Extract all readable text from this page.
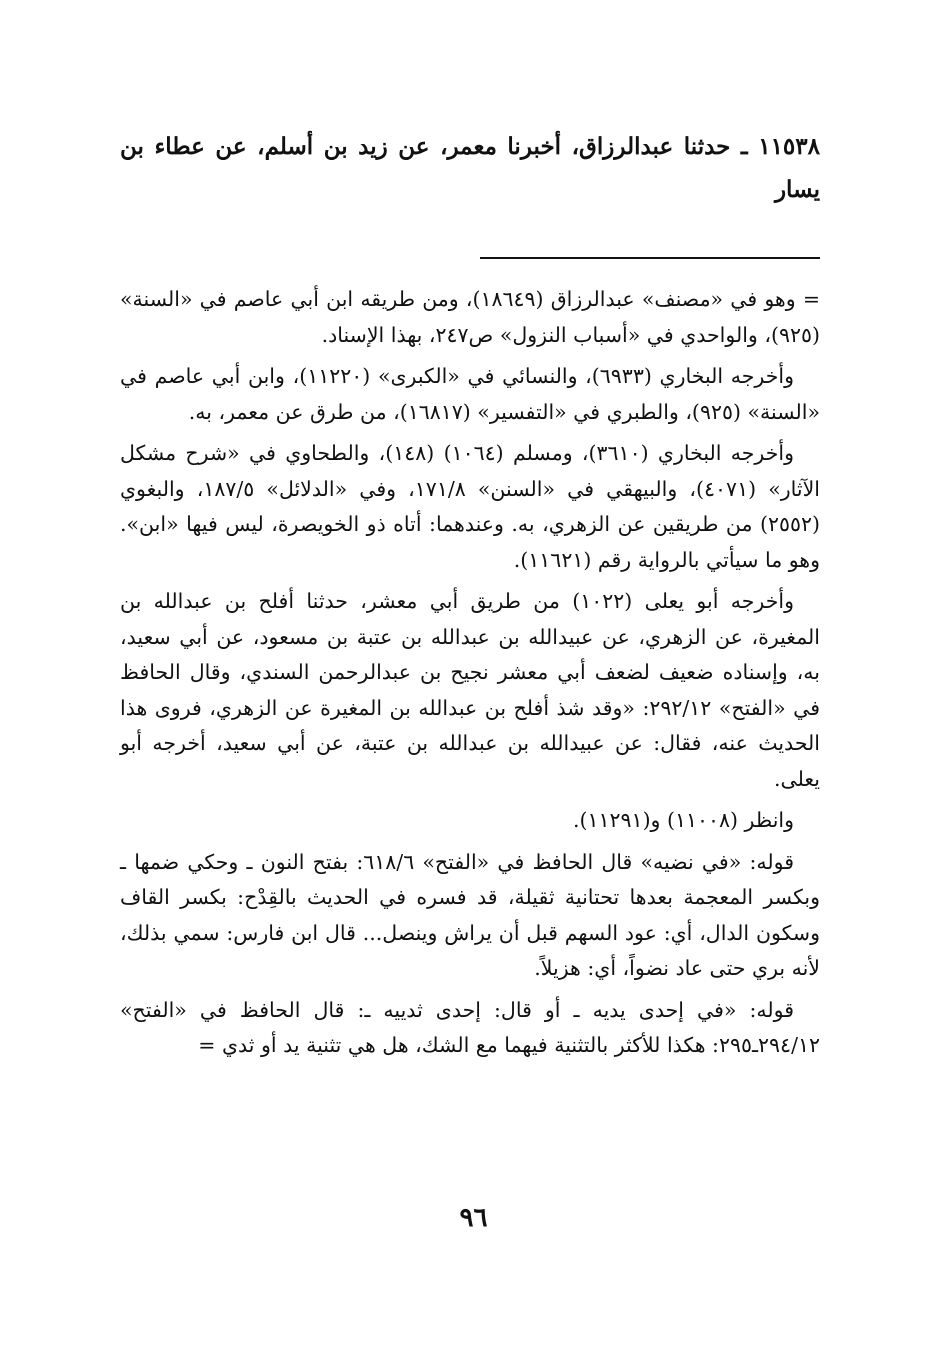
١١٥٣٨ ـ حدثنا عبدالرزاق، أخبرنا معمر، عن زيد بن أسلم، عن عطاء بن يسار

= وهو في «مصنف» عبدالرزاق (١٨٦٤٩)، ومن طريقه ابن أبي عاصم في «السنة» (٩٢٥)، والواحدي في «أسباب النزول» ص٢٤٧، بهذا الإسناد.

وأخرجه البخاري (٦٩٣٣)، والنسائي في «الكبرى» (١١٢٢٠)، وابن أبي عاصم في «السنة» (٩٢٥)، والطبري في «التفسير» (١٦٨١٧)، من طرق عن معمر، به.

وأخرجه البخاري (٣٦١٠)، ومسلم (١٠٦٤) (١٤٨)، والطحاوي في «شرح مشكل الآثار» (٤٠٧١)، والبيهقي في «السنن» ١٧١/٨، وفي «الدلائل» ١٨٧/٥، والبغوي (٢٥٥٢) من طريقين عن الزهري، به. وعندهما: أتاه ذو الخويصرة، ليس فيها «ابن». وهو ما سيأتي بالرواية رقم (١١٦٢١).

وأخرجه أبو يعلى (١٠٢٢) من طريق أبي معشر، حدثنا أفلح بن عبدالله بن المغيرة، عن الزهري، عن عبيدالله بن عبدالله بن عتبة بن مسعود، عن أبي سعيد، به، وإسناده ضعيف لضعف أبي معشر نجيح بن عبدالرحمن السندي، وقال الحافظ في «الفتح» ٢٩٢/١٢: «وقد شذ أفلح بن عبدالله بن المغيرة عن الزهري، فروى هذا الحديث عنه، فقال: عن عبيدالله بن عبدالله بن عتبة، عن أبي سعيد، أخرجه أبو يعلى.

وانظر (١١٠٠٨) و(١١٢٩١).

قوله: «في نضيه» قال الحافظ في «الفتح» ٦١٨/٦: بفتح النون ـ وحكي ضمها ـ وبكسر المعجمة بعدها تحتانية ثقيلة، قد فسره في الحديث بالقِدْح: بكسر القاف وسكون الدال، أي: عود السهم قبل أن يراش وينصل... قال ابن فارس: سمي بذلك، لأنه بري حتى عاد نضواً، أي: هزيلاً.

قوله: «في إحدى يديه ـ أو قال: إحدى ثدييه ـ: قال الحافظ في «الفتح» ٢٩٤/١٢ـ٢٩٥: هكذا للأكثر بالتثنية فيهما مع الشك، هل هي تثنية يد أو ثدي =

٩٦
